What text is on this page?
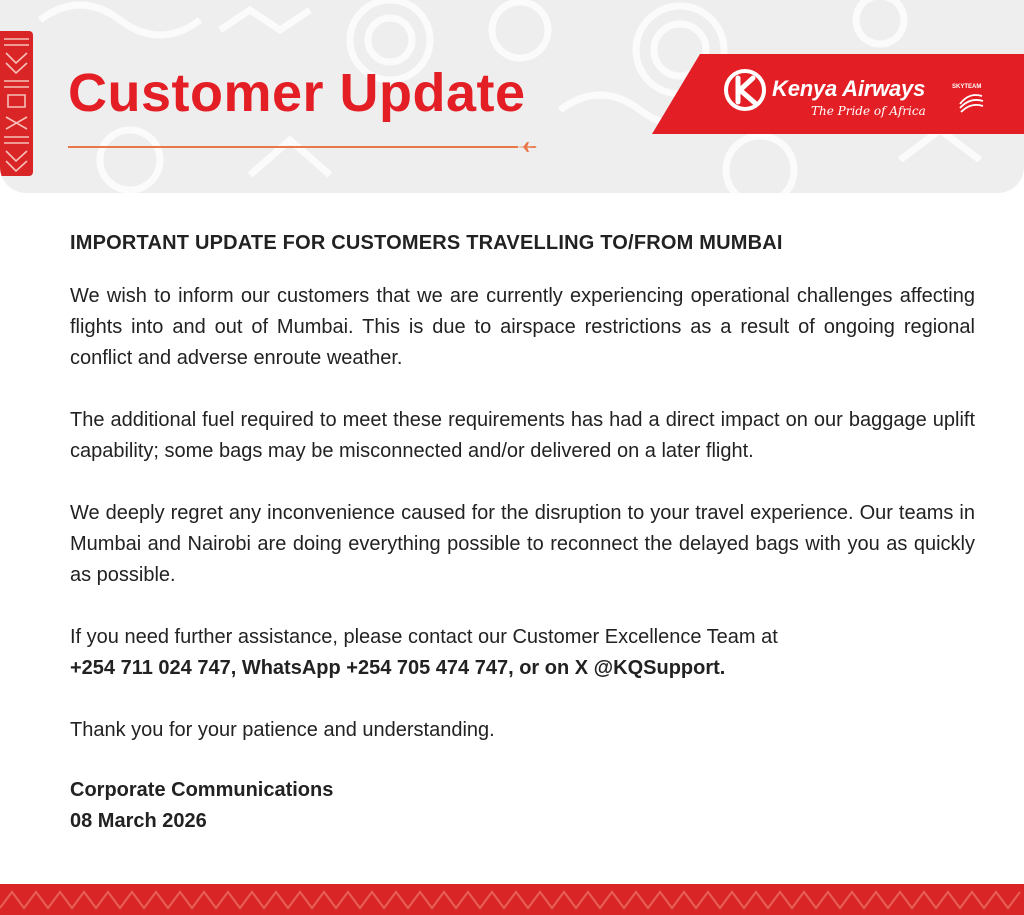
Customer Update	Kenya Airways
The Pride of Africa
SKYTEAM

IMPORTANT UPDATE FOR CUSTOMERS TRAVELLING TO/FROM MUMBAI

We wish to inform our customers that we are currently experiencing operational challenges affecting flights into and out of Mumbai. This is due to airspace restrictions as a result of ongoing regional conflict and adverse enroute weather.

The additional fuel required to meet these requirements has had a direct impact on our baggage uplift capability; some bags may be misconnected and/or delivered on a later flight.

We deeply regret any inconvenience caused for the disruption to your travel experience. Our teams in Mumbai and Nairobi are doing everything possible to reconnect the delayed bags with you as quickly as possible.

If you need further assistance, please contact our Customer Excellence Team at
+254 711 024 747, WhatsApp +254 705 474 747, or on X @KQSupport.

Thank you for your patience and understanding.

Corporate Communications

08 March 2026
